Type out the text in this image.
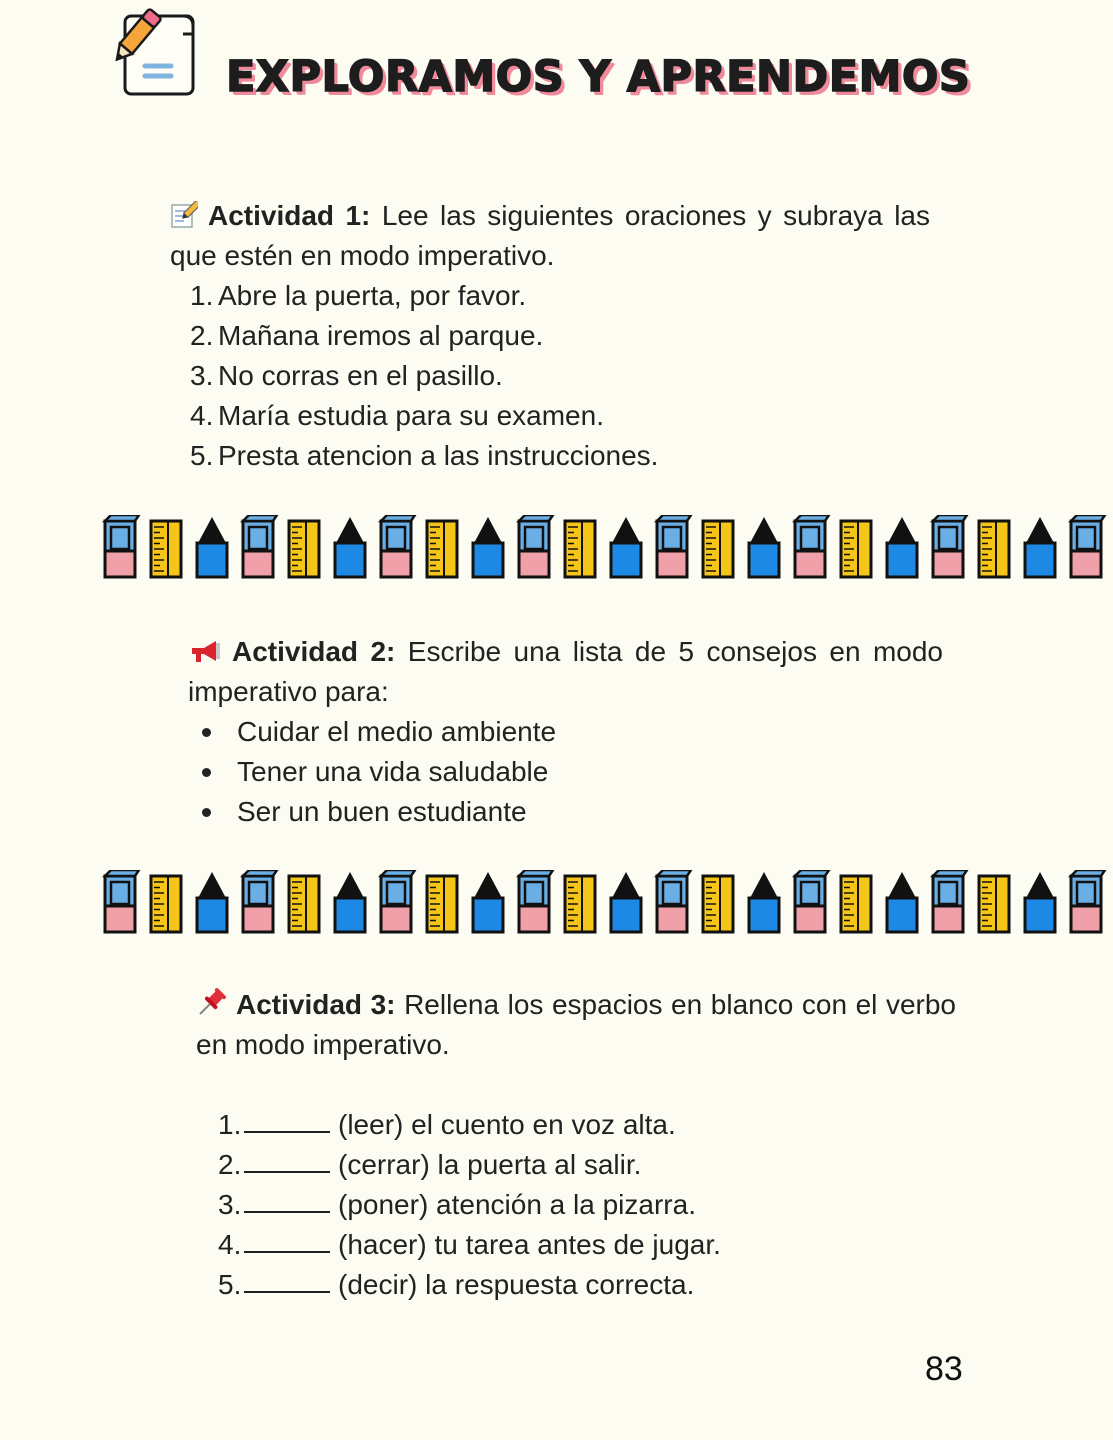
EXPLORAMOS Y APRENDEMOS

Actividad 1: Lee las siguientes oraciones y subraya las que estén en modo imperativo.

1. Abre la puerta, por favor.
2. Mañana iremos al parque.
3. No corras en el pasillo.
4. María estudia para su examen.
5. Presta atencion a las instrucciones.

Actividad 2: Escribe una lista de 5 consejos en modo imperativo para:

Cuidar el medio ambiente
Tener una vida saludable
Ser un buen estudiante

Actividad 3: Rellena los espacios en blanco con el verbo en modo imperativo.

1.	(leer) el cuento en voz alta.
2.	(cerrar) la puerta al salir.
3.	(poner) atención a la pizarra.
4.	(hacer) tu tarea antes de jugar.
5.	(decir) la respuesta correcta.
83
